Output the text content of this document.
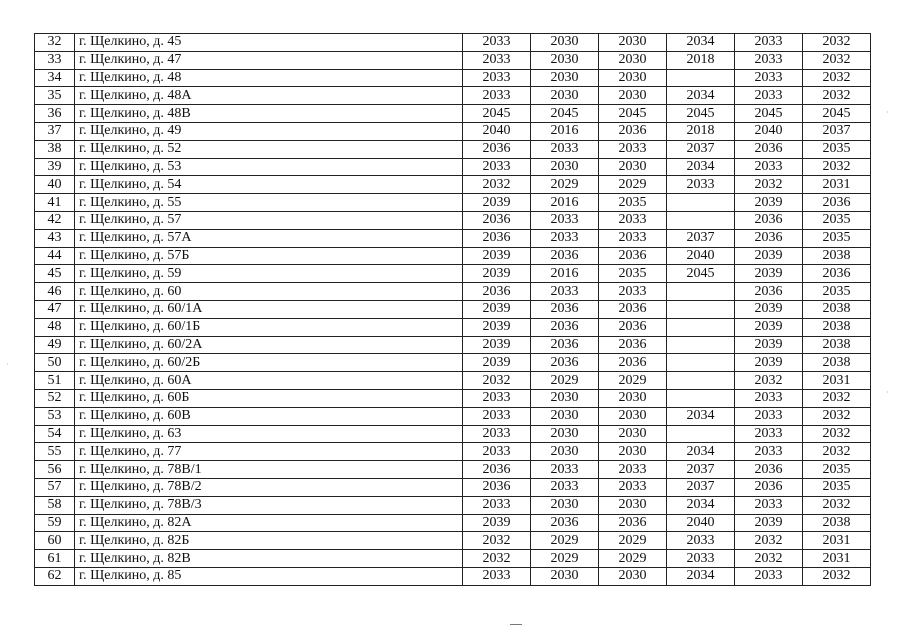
32	г. Щелкино, д. 45	2033	2030	2030	2034	2033	2032
33	г. Щелкино, д. 47	2033	2030	2030	2018	2033	2032
34	г. Щелкино, д. 48	2033	2030	2030		2033	2032
35	г. Щелкино, д. 48А	2033	2030	2030	2034	2033	2032
36	г. Щелкино, д. 48В	2045	2045	2045	2045	2045	2045
37	г. Щелкино, д. 49	2040	2016	2036	2018	2040	2037
38	г. Щелкино, д. 52	2036	2033	2033	2037	2036	2035
39	г. Щелкино, д. 53	2033	2030	2030	2034	2033	2032
40	г. Щелкино, д. 54	2032	2029	2029	2033	2032	2031
41	г. Щелкино, д. 55	2039	2016	2035		2039	2036
42	г. Щелкино, д. 57	2036	2033	2033		2036	2035
43	г. Щелкино, д. 57А	2036	2033	2033	2037	2036	2035
44	г. Щелкино, д. 57Б	2039	2036	2036	2040	2039	2038
45	г. Щелкино, д. 59	2039	2016	2035	2045	2039	2036
46	г. Щелкино, д. 60	2036	2033	2033		2036	2035
47	г. Щелкино, д. 60/1А	2039	2036	2036		2039	2038
48	г. Щелкино, д. 60/1Б	2039	2036	2036		2039	2038
49	г. Щелкино, д. 60/2А	2039	2036	2036		2039	2038
50	г. Щелкино, д. 60/2Б	2039	2036	2036		2039	2038
51	г. Щелкино, д. 60А	2032	2029	2029		2032	2031
52	г. Щелкино, д. 60Б	2033	2030	2030		2033	2032
53	г. Щелкино, д. 60В	2033	2030	2030	2034	2033	2032
54	г. Щелкино, д. 63	2033	2030	2030		2033	2032
55	г. Щелкино, д. 77	2033	2030	2030	2034	2033	2032
56	г. Щелкино, д. 78В/1	2036	2033	2033	2037	2036	2035
57	г. Щелкино, д. 78В/2	2036	2033	2033	2037	2036	2035
58	г. Щелкино, д. 78В/3	2033	2030	2030	2034	2033	2032
59	г. Щелкино, д. 82А	2039	2036	2036	2040	2039	2038
60	г. Щелкино, д. 82Б	2032	2029	2029	2033	2032	2031
61	г. Щелкино, д. 82В	2032	2029	2029	2033	2032	2031
62	г. Щелкино, д. 85	2033	2030	2030	2034	2033	2032
·
·
·
